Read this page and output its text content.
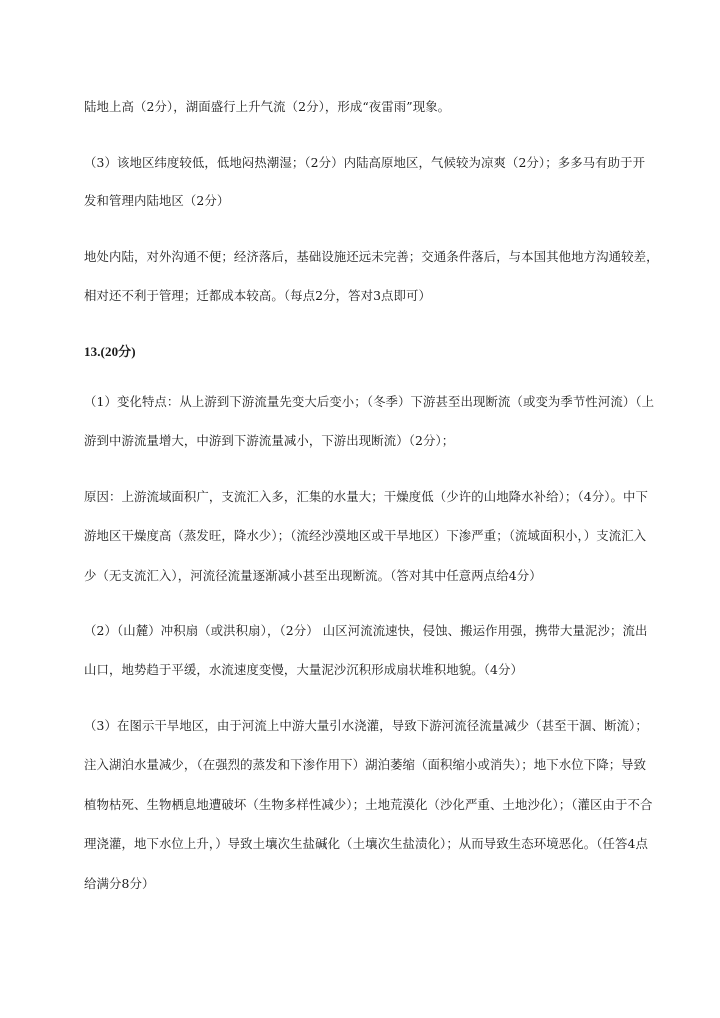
陆地上高（2分），湖面盛行上升气流（2分），形成“夜雷雨”现象。
（3）该地区纬度较低，低地闷热潮湿；（2分）内陆高原地区，气候较为凉爽（2分）；多多马有助于开
发和管理内陆地区（2分）
地处内陆，对外沟通不便；经济落后，基础设施还远未完善；交通条件落后，与本国其他地方沟通较差，
相对还不利于管理；迁都成本较高。（每点2分，答对3点即可）
13.(20分)
（1）变化特点：从上游到下游流量先变大后变小；（冬季）下游甚至出现断流（或变为季节性河流）（上
游到中游流量增大，中游到下游流量减小，下游出现断流）（2分）；
原因：上游流域面积广，支流汇入多，汇集的水量大；干燥度低（少许的山地降水补给）；（4分）。中下
游地区干燥度高（蒸发旺，降水少）；（流经沙漠地区或干旱地区）下渗严重；（流域面积小，）支流汇入
少（无支流汇入），河流径流量逐渐减小甚至出现断流。（答对其中任意两点给4分）
（2）（山麓）冲积扇（或洪积扇），（2分） 山区河流流速快，侵蚀、搬运作用强，携带大量泥沙；流出
山口，地势趋于平缓，水流速度变慢，大量泥沙沉积形成扇状堆积地貌。（4分）
（3）在图示干旱地区，由于河流上中游大量引水浇灌，导致下游河流径流量减少（甚至干涸、断流）；
注入湖泊水量减少，（在强烈的蒸发和下渗作用下）湖泊萎缩（面积缩小或消失）；地下水位下降；导致
植物枯死、生物栖息地遭破坏（生物多样性减少）；土地荒漠化（沙化严重、土地沙化）；（灌区由于不合
理浇灌，地下水位上升，）导致土壤次生盐碱化（土壤次生盐渍化）；从而导致生态环境恶化。（任答4点
给满分8分）
